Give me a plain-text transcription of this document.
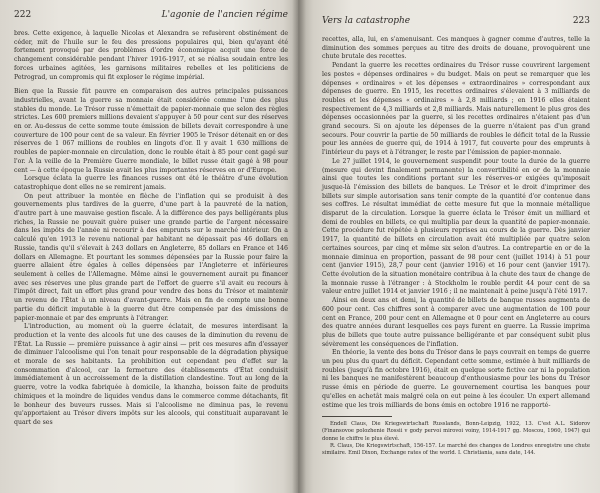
222	L'agonie de l'ancien régime

bres. Cette exigence, à laquelle Nicolas et Alexandra se refusèrent obstinément de céder, mit de l'huile sur le feu des pressions populaires qui, bien qu'ayant été fortement provoqué par des problèmes d'ordre économique acquit une force de changement considérable pendant l'hiver 1916-1917, et se réalisa soudain entre les forces urbaines agitées, les garnisons militaires rebelles et les politiciens de Petrograd, un compromis qui fit exploser le régime impérial.

Bien que la Russie fût pauvre en comparaison des autres principales puissances industrielles, avant la guerre sa monnaie était considérée comme l'une des plus stables du monde. Le Trésor russe n'émettait de papier-monnaie que selon des règles strictes. Les 600 premiers millions devaient s'appuyer à 50 pour cent sur des réserves en or. Au-dessus de cette somme toute émission de billets devait correspondre à une couverture de 100 pour cent de sa valeur. En février 1905 le Trésor détenait en or des réserves de 1 067 millions de roubles en lingots d'or. Il y avait 1 630 millions de roubles de papier-monnaie en circulation, donc le rouble était à 85 pour cent gagé sur l'or. À la veille de la Première Guerre mondiale, le billet russe était gagé à 98 pour cent — à cette époque la Russie avait les plus importantes réserves en or d'Europe.

Lorsque éclata la guerre les finances russes ont été le théâtre d'une évolution catastrophique dont elles ne se remirent jamais.

On peut attribuer la montée en flèche de l'inflation qui se produisit à des gouvernements plus tardives de la guerre, d'une part à la pauvreté de la nation, d'autre part à une mauvaise gestion fiscale. À la différence des pays belligérants plus riches, la Russie ne pouvait guère puiser une grande partie de l'argent nécessaire dans les impôts de l'année ni recourir à des emprunts sur le marché intérieur. On a calculé qu'en 1913 le revenu national par habitant ne dépassait pas 46 dollars en Russie, tandis qu'il s'élevait à 243 dollars en Angleterre, 85 dollars en France et 146 dollars en Allemagne. Et pourtant les sommes dépensées par la Russie pour faire la guerre allaient être égales à celles dépensées par l'Angleterre et inférieures seulement à celles de l'Allemagne. Même ainsi le gouvernement aurait pu financer avec ses réserves une plus grande part de l'effort de guerre s'il avait eu recours à l'impôt direct, fait un effort plus grand pour vendre des bons du Trésor et maintenir un revenu de l'État à un niveau d'avant-guerre. Mais en fin de compte une bonne partie du déficit imputable à la guerre dut être compensée par des émissions de papier-monnaie et par des emprunts à l'étranger.

L'introduction, au moment où la guerre éclatait, de mesures interdisant la production et la vente des alcools fut une des causes de la diminution du revenu de l'État. La Russie — première puissance à agir ainsi — prit ces mesures afin d'essayer de diminuer l'alcoolisme qui l'on tenait pour responsable de la dégradation physique et morale de ses habitants. La prohibition eut cependant peu d'effet sur la consommation d'alcool, car la fermeture des établissements d'État conduisit immédiatement à un accroissement de la distillation clandestine. Tout au long de la guerre, votre la vodka fabriquée à domicile, la khanzha, boisson faite de produits chimiques et la moindre de liquides vendus dans le commerce comme détachants, fit le bonheur des buveurs russes. Mais si l'alcoolisme ne diminua pas, le revenu qu'apportaient au Trésor divers impôts sur les alcools, qui constituait auparavant le quart de ses

Vers la catastrophe	223

recettes, alla, lui, en s'amenuisant. Ces manques à gagner comme d'autres, telle la diminution des sommes perçues au titre des droits de douane, provoquèrent une chute brutale des recettes.

Pendant la guerre les recettes ordinaires du Trésor russe couvrirent largement les postes « dépenses ordinaires » du budget. Mais on peut se remarquer que les dépenses « ordinaires » et les dépenses « extraordinaires » correspondant aux dépenses de guerre. En 1915, les recettes ordinaires s'élevaient à 3 milliards de roubles et les dépenses « ordinaires » à 2,8 milliards ; en 1916 elles étaient respectivement de 4,3 milliards et 2,8 milliards. Mais naturellement le plus gros des dépenses occasionnées par la guerre, si les recettes ordinaires n'étaient pas d'un grand secours. Si on ajoute les dépenses de la guerre n'étaient pas d'un grand secours. Pour couvrir la partie de 50 milliards de roubles le déficit total de la Russie pour les années de guerre qui, de 1914 à 1917, fut couverte pour des emprunts à l'intérieur du pays et à l'étranger, le reste par l'émission de papier-monnaie.

Le 27 juillet 1914, le gouvernement suspendit pour toute la durée de la guerre (mesure qui devint finalement permanente) la convertibilité en or de la monnaie ainsi que toutes les conditions portant sur les réserves-or exigées qu'imposait jusque-là l'émission des billets de banques. Le Trésor et le droit d'imprimer des billets sur simple autorisation sans tenir compte de la quantité d'or contenue dans ses coffres. Le résultat immédiat de cette mesure fut que la monnaie métallique disparut de la circulation. Lorsque la guerre éclata le Trésor émit un milliard et demi de roubles en billets, ce qui multiplia par deux la quantité de papier-monnaie. Cette procédure fut répétée à plusieurs reprises au cours de la guerre. Dès janvier 1917, la quantité de billets en circulation avait été multipliée par quatre selon certaines sources, par cinq et même six selon d'autres. La contrepartie en or de la monnaie diminua en proportion, passant de 98 pour cent (juillet 1914) à 51 pour cent (janvier 1915), 28,7 pour cent (janvier 1916) et 16 pour cent (janvier 1917). Cette évolution de la situation monétaire contribua à la chute des taux de change de la monnaie russe à l'étranger : à Stockholm le rouble perdit 44 pour cent de sa valeur entre juillet 1914 et janvier 1916 ; il ne maintenait à peine jusqu'à l'été 1917.

Ainsi en deux ans et demi, la quantité de billets de banque russes augmenta de 600 pour cent. Ces chiffres sont à comparer avec une augmentation de 100 pour cent en France, 200 pour cent en Allemagne et 0 pour cent en Angleterre au cours des quatre années durant lesquelles ces pays furent en guerre. La Russie imprima plus de billets que toute autre puissance belligérante et par conséquent subit plus sévèrement les conséquences de l'inflation.

En théorie, la vente des bons du Trésor dans le pays couvrait en temps de guerre un peu plus du quart du déficit. Cependant cette somme, estimée à huit milliards de roubles (jusqu'à fin octobre 1916), était en quelque sorte fictive car ni la population ni les banques ne manifestèrent beaucoup d'enthousiasme pour les bons du Trésor russe émis en période de guerre. Le gouvernement courtisa les banques pour qu'elles en achetât mais malgré cela on eut peine à les écouler. Un expert allemand estime que les trois milliards de bons émis en octobre 1916 ne rapporté-

Endell Claus, Die Kriegswirtschaft Russlands, Bonn-Leipzig, 1922, 13. C'est A.L. Sidorov (Finansovoe polozhenie Rossii v gody pervoi mirovoi voiny, 1914-1917 gg. Moscou, 1960, 1947) qui donne le chiffre le plus élevé.

R. Claus, Die Kriegswirtschaft, 156-157. Le marché des changes de Londres enregistre une chute similaire. Emil Dixon, Exchange rates of the world. I. Christiania, sans date, 144.
